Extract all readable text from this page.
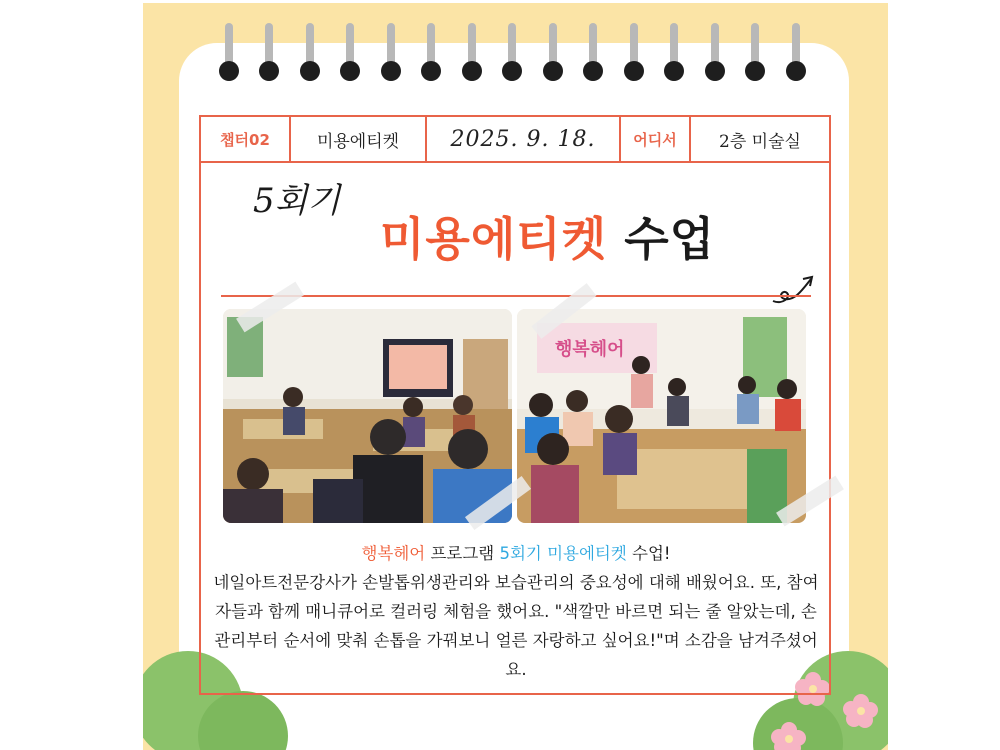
챕터02	미용에티켓	2025. 9. 18.	어디서	2층 미술실
5회기
미용에티켓 수업
행복헤어
행복헤어 프로그램 5회기 미용에티켓 수업!
네일아트전문강사가 손발톱위생관리와 보습관리의 중요성에 대해 배웠어요. 또, 참여자들과 함께 매니큐어로 컬러링 체험을 했어요. "색깔만 바르면 되는 줄 알았는데, 손 관리부터 순서에 맞춰 손톱을 가꿔보니 얼른 자랑하고 싶어요!"며 소감을 남겨주셨어요.
